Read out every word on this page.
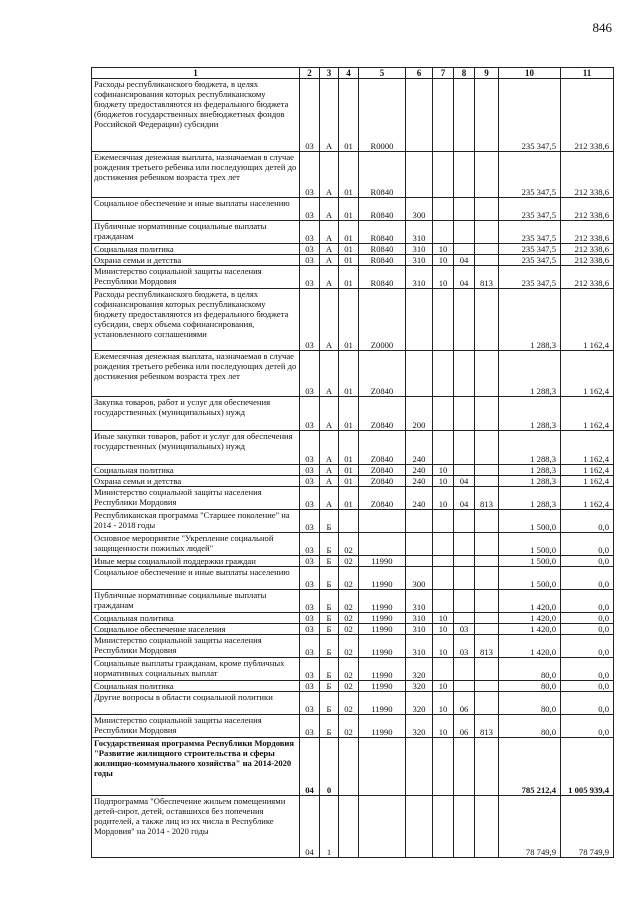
846
1	2	3	4	5	6	7	8	9	10	11
Расходы республиканского бюджета, в целях софинансирования которых республиканскому бюджету предоставляются из федерального бюджета (бюджетов государственных внебюджетных фондов Российской Федерации) субсидии	03	А	01	R0000					235 347,5	212 338,6
Ежемесячная денежная выплата, назначаемая в случае рождения третьего ребенка или последующих детей до достижения ребенком возраста трех лет	03	А	01	R0840					235 347,5	212 338,6
Социальное обеспечение и иные выплаты населению	03	А	01	R0840	300				235 347,5	212 338,6
Публичные нормативные социальные выплаты гражданам	03	А	01	R0840	310				235 347,5	212 338,6
Социальная политика	03	А	01	R0840	310	10			235 347,5	212 338,6
Охрана семьи и детства	03	А	01	R0840	310	10	04		235 347,5	212 338,6
Министерство социальной защиты населения Республики Мордовия	03	А	01	R0840	310	10	04	813	235 347,5	212 338,6
Расходы республиканского бюджета, в целях софинансирования которых республиканскому бюджету предоставляются из федерального бюджета субсидии, сверх объема софинансирования, установленного соглашениями	03	А	01	Z0000					1 288,3	1 162,4
Ежемесячная денежная выплата, назначаемая в случае рождения третьего ребенка или последующих детей до достижения ребенком возраста трех лет	03	А	01	Z0840					1 288,3	1 162,4
Закупка товаров, работ и услуг для обеспечения государственных (муниципальных) нужд	03	А	01	Z0840	200				1 288,3	1 162,4
Иные закупки товаров, работ и услуг для обеспечения государственных (муниципальных) нужд	03	А	01	Z0840	240				1 288,3	1 162,4
Социальная политика	03	А	01	Z0840	240	10			1 288,3	1 162,4
Охрана семьи и детства	03	А	01	Z0840	240	10	04		1 288,3	1 162,4
Министерство социальной защиты населения Республики Мордовия	03	А	01	Z0840	240	10	04	813	1 288,3	1 162,4
Республиканская программа "Старшее поколение" на 2014 - 2018 годы	03	Б							1 500,0	0,0
Основное мероприятие "Укрепление социальной защищенности пожилых людей"	03	Б	02						1 500,0	0,0
Иные меры социальной поддержки граждан	03	Б	02	11990					1 500,0	0,0
Социальное обеспечение и иные выплаты населению	03	Б	02	11990	300				1 500,0	0,0
Публичные нормативные социальные выплаты гражданам	03	Б	02	11990	310				1 420,0	0,0
Социальная политика	03	Б	02	11990	310	10			1 420,0	0,0
Социальное обеспечение населения	03	Б	02	11990	310	10	03		1 420,0	0,0
Министерство социальной защиты населения Республики Мордовия	03	Б	02	11990	310	10	03	813	1 420,0	0,0
Социальные выплаты гражданам, кроме публичных нормативных социальных выплат	03	Б	02	11990	320				80,0	0,0
Социальная политика	03	Б	02	11990	320	10			80,0	0,0
Другие вопросы в области социальной политики	03	Б	02	11990	320	10	06		80,0	0,0
Министерство социальной защиты населения Республики Мордовия	03	Б	02	11990	320	10	06	813	80,0	0,0
Государственная программа Республики Мордовия "Развитие жилищного строительства и сферы жилищно-коммунального хозяйства" на 2014-2020 годы	04	0							785 212,4	1 005 939,4
Подпрограмма "Обеспечение жильем помещениями детей-сирот, детей, оставшихся без попечения родителей, а также лиц из их числа в Республике Мордовия" на 2014 - 2020 годы	04	1							78 749,9	78 749,9
